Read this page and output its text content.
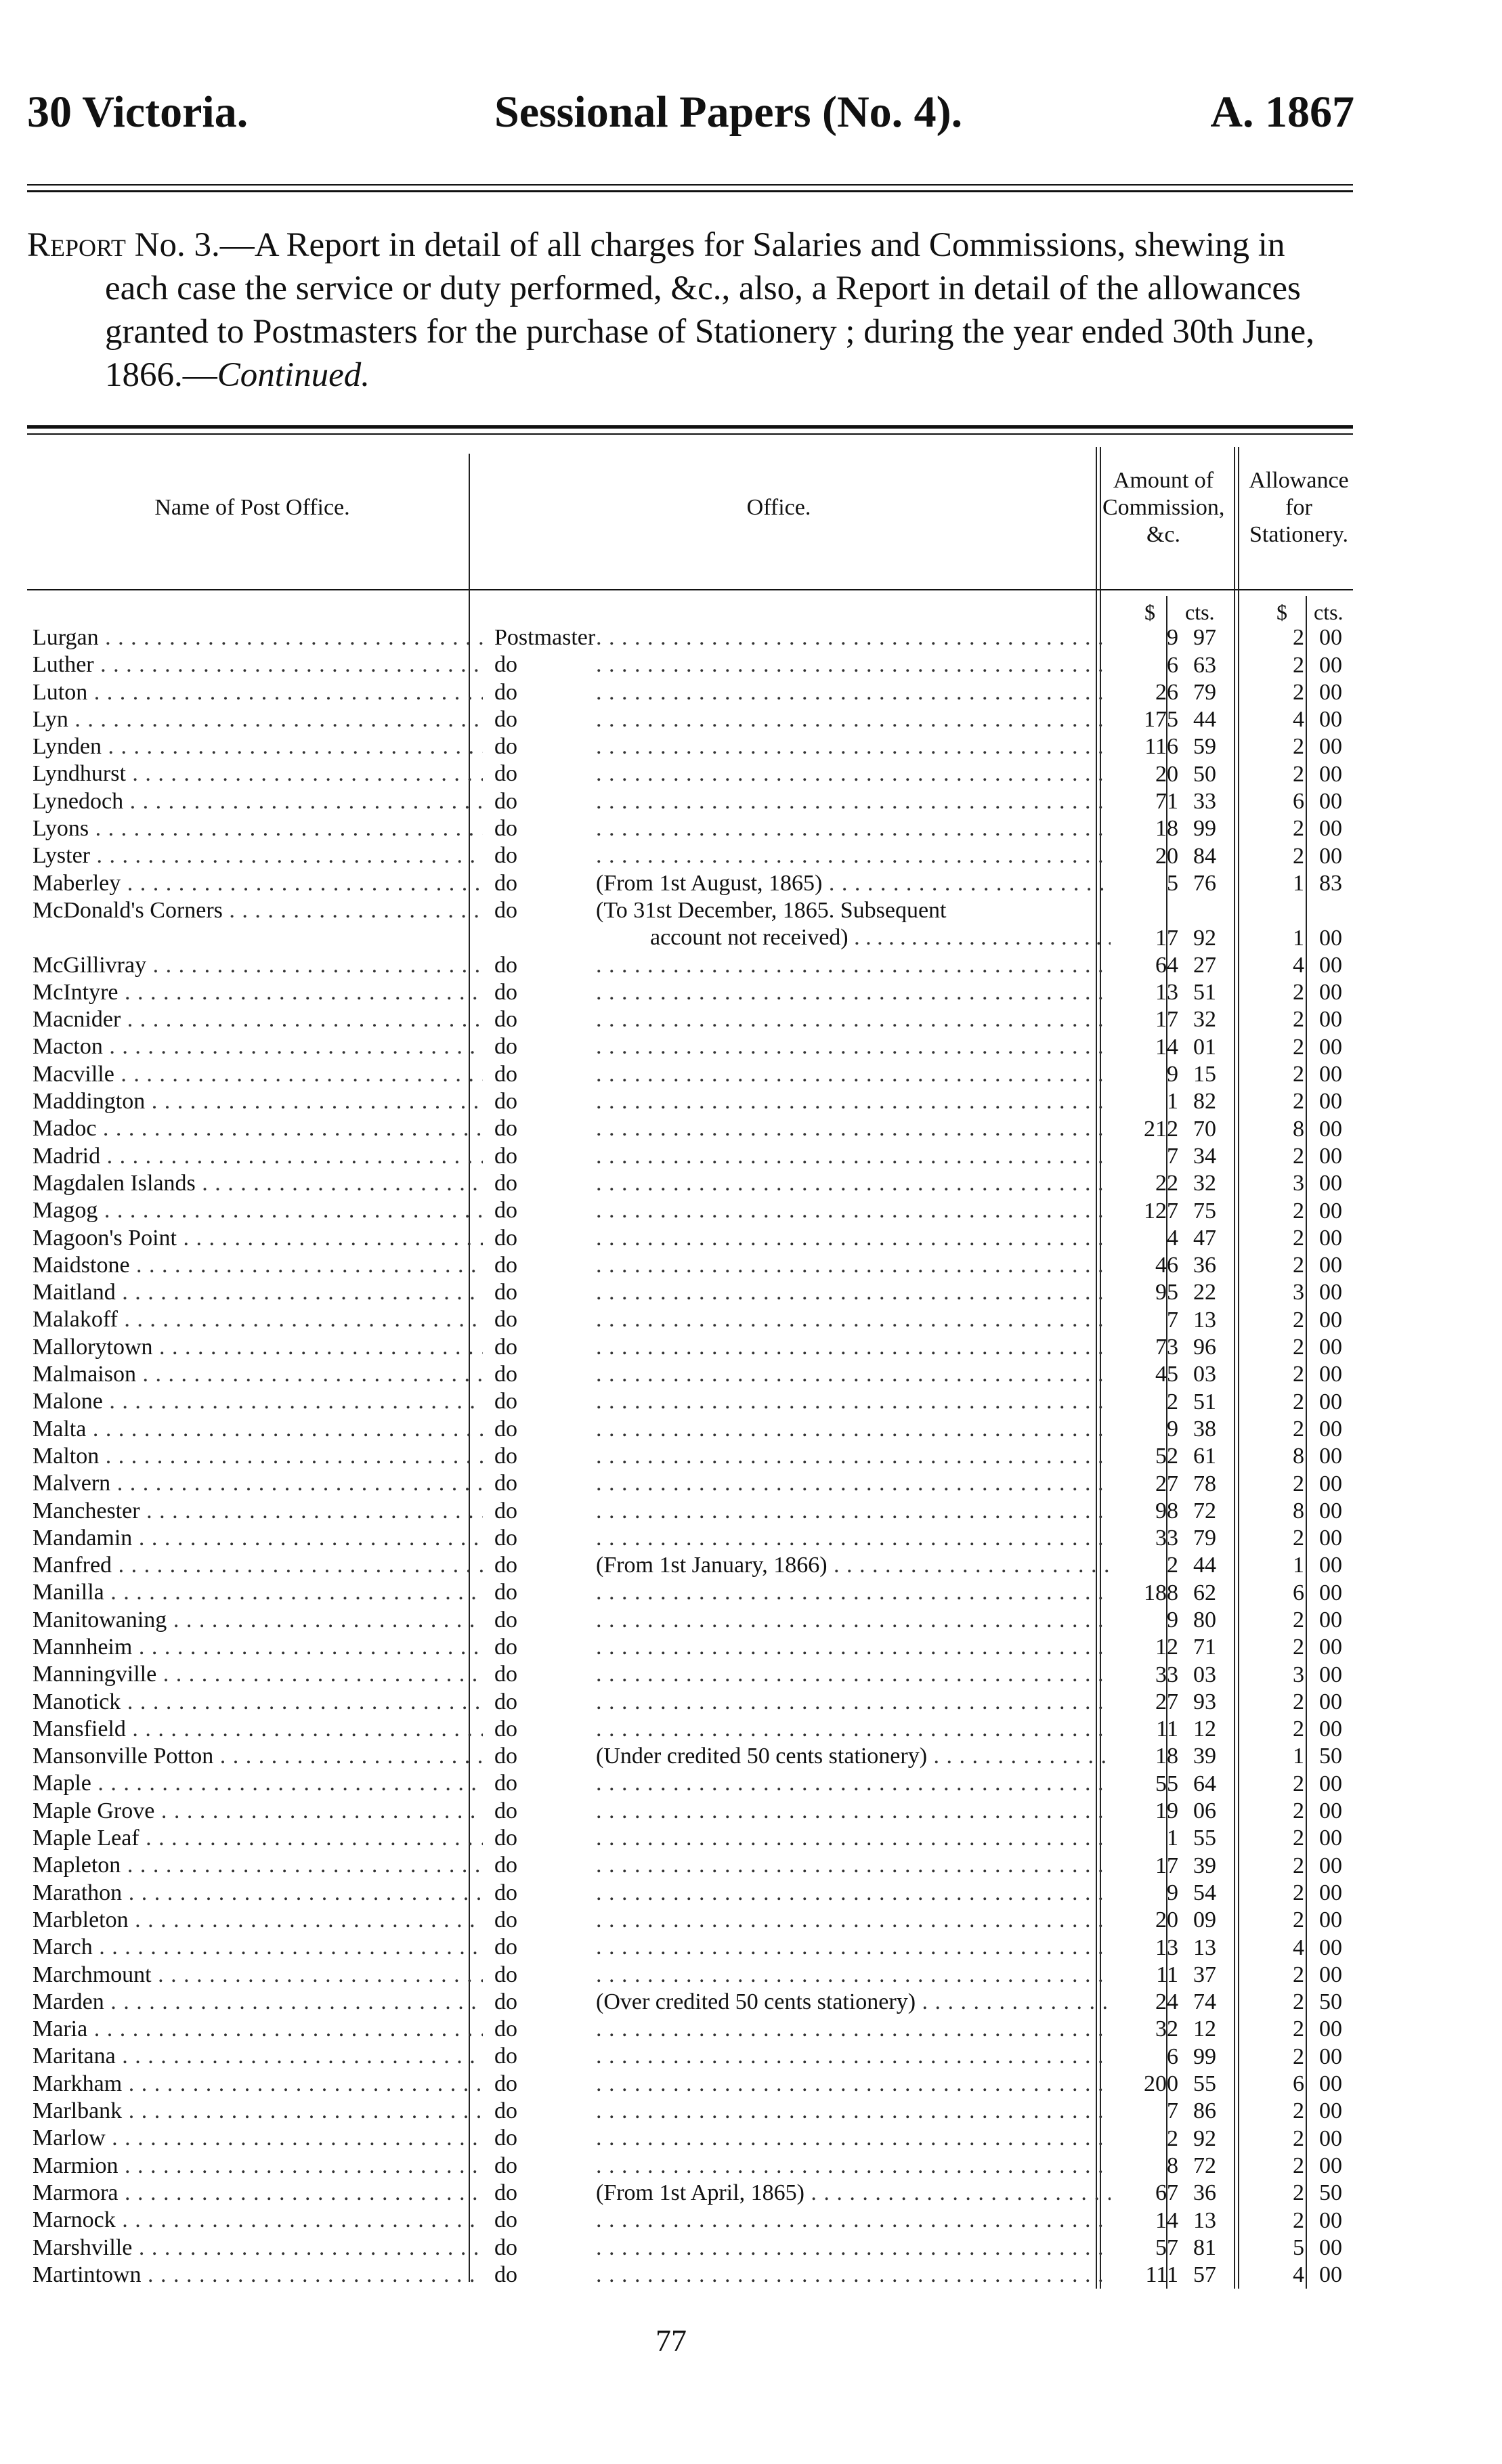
30 Victoria.	Sessional Papers (No. 4).	A. 1867

Report No. 3.—A Report in detail of all charges for Salaries and Commissions, shewing in each case the service or duty performed, &c., also, a Report in detail of the allowances granted to Postmasters for the purchase of Stationery ; during the year ended 30th June, 1866.—Continued.

Name of Post Office.	Office.
Amount of Commission, &c.
Allowance for Stationery.
$ cts.	$ cts.
Lurgan . . .	Postmaster . . .	9 97	2 00
Luther . . .	do . . .	6 63	2 00
Luton . . .	do . . .	26 79	2 00
Lyn . . .	do . . .	175 44	4 00
Lynden . . .	do . . .	116 59	2 00
Lyndhurst . . .	do . . .	20 50	2 00
Lynedoch . . .	do . . .	71 33	6 00
Lyons . . .	do . . .	18 99	2 00
Lyster . . .	do . . .	20 84	2 00
Maberley . . .	do	(From 1st August, 1865) . . .	5 76	1 83
McDonald's Corners . . .	do	(To 31st December, 1865. Subsequent
account not received) . . .	17 92	1 00
McGillivray . . .	do . . .	64 27	4 00
McIntyre . . .	do . . .	13 51	2 00
Macnider . . .	do . . .	17 32	2 00
Macton . . .	do . . .	14 01	2 00
Macville . . .	do . . .	9 15	2 00
Maddington . . .	do . . .	1 82	2 00
Madoc . . .	do . . .	212 70	8 00
Madrid . . .	do . . .	7 34	2 00
Magdalen Islands . . .	do . . .	22 32	3 00
Magog . . .	do . . .	127 75	2 00
Magoon's Point . . .	do . . .	4 47	2 00
Maidstone . . .	do . . .	46 36	2 00
Maitland . . .	do . . .	95 22	3 00
Malakoff . . .	do . . .	7 13	2 00
Mallorytown . . .	do . . .	73 96	2 00
Malmaison . . .	do . . .	45 03	2 00
Malone . . .	do . . .	2 51	2 00
Malta . . .	do . . .	9 38	2 00
Malton . . .	do . . .	52 61	8 00
Malvern . . .	do . . .	27 78	2 00
Manchester . . .	do . . .	98 72	8 00
Mandamin . . .	do . . .	33 79	2 00
Manfred . . .	do	(From 1st January, 1866) . . .	2 44	1 00
Manilla . . .	do . . .	188 62	6 00
Manitowaning . . .	do . . .	9 80	2 00
Mannheim . . .	do . . .	12 71	2 00
Manningville . . .	do . . .	33 03	3 00
Manotick . . .	do . . .	27 93	2 00
Mansfield . . .	do . . .	11 12	2 00
Mansonville Potton . . .	do	(Under credited 50 cents stationery) . . .	18 39	1 50
Maple . . .	do . . .	55 64	2 00
Maple Grove . . .	do . . .	19 06	2 00
Maple Leaf . . .	do . . .	1 55	2 00
Mapleton . . .	do . . .	17 39	2 00
Marathon . . .	do . . .	9 54	2 00
Marbleton . . .	do . . .	20 09	2 00
March . . .	do . . .	13 13	4 00
Marchmount . . .	do . . .	11 37	2 00
Marden . . .	do	(Over credited 50 cents stationery) . . .	24 74	2 50
Maria . . .	do . . .	32 12	2 00
Maritana . . .	do . . .	6 99	2 00
Markham . . .	do . . .	200 55	6 00
Marlbank . . .	do . . .	7 86	2 00
Marlow . . .	do . . .	2 92	2 00
Marmion . . .	do . . .	8 72	2 00
Marmora . . .	do	(From 1st April, 1865) . . .	67 36	2 50
Marnock . . .	do . . .	14 13	2 00
Marshville . . .	do . . .	57 81	5 00
Martintown . . .	do . . .	111 57	4 00
77
